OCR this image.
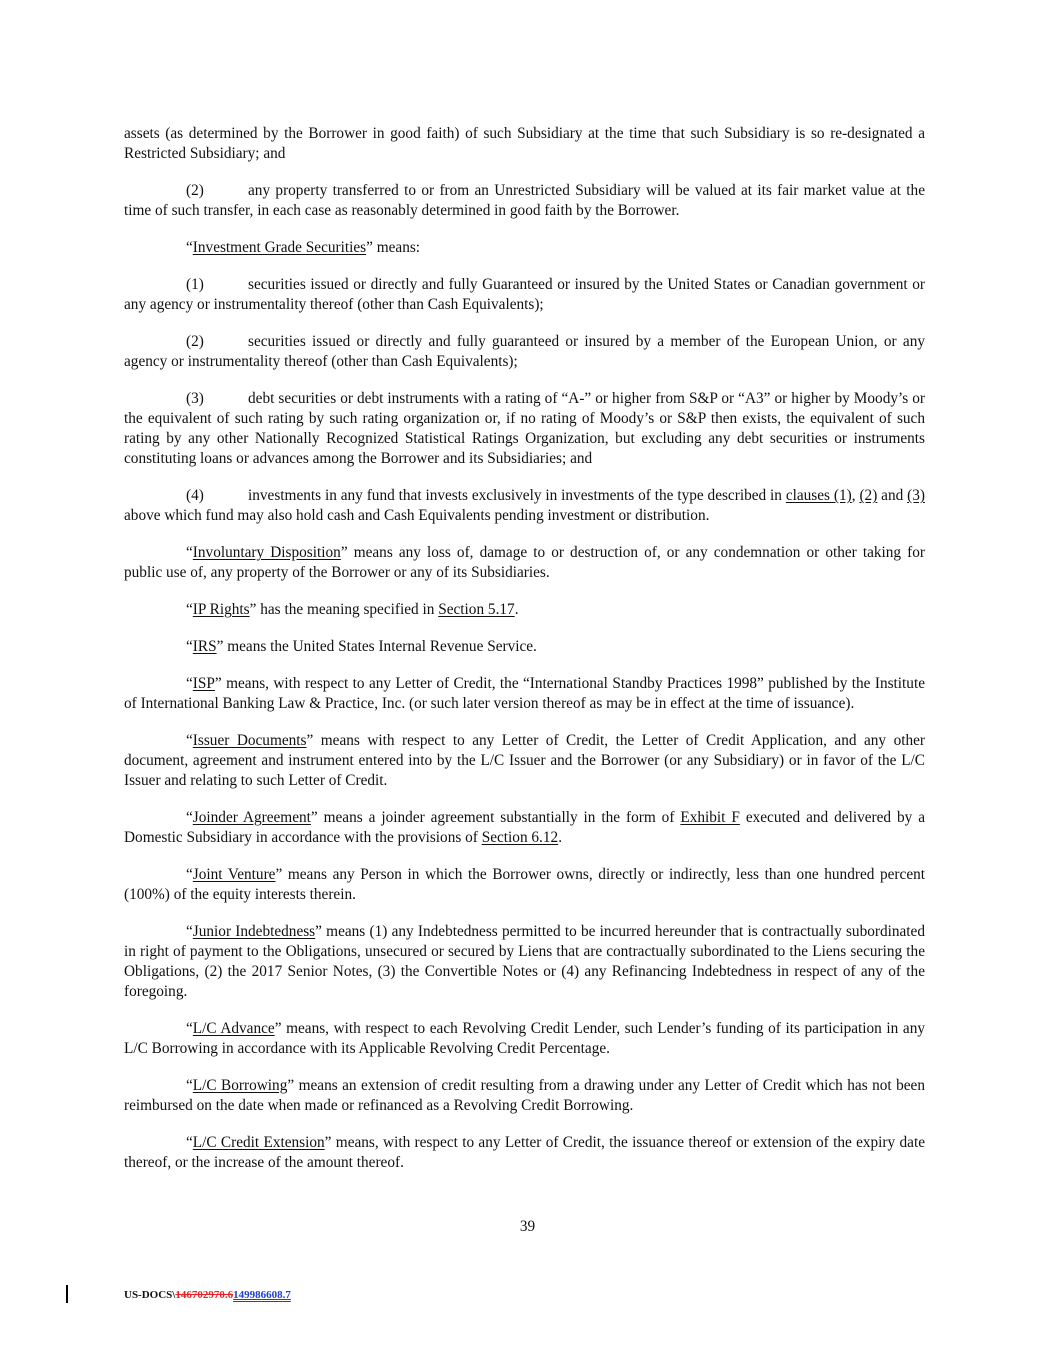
assets (as determined by the Borrower in good faith) of such Subsidiary at the time that such Subsidiary is so re-designated a Restricted Subsidiary; and

(2)	any property transferred to or from an Unrestricted Subsidiary will be valued at its fair market value at the time of such transfer, in each case as reasonably determined in good faith by the Borrower.

“Investment Grade Securities” means:

(1)	securities issued or directly and fully Guaranteed or insured by the United States or Canadian government or any agency or instrumentality thereof (other than Cash Equivalents);

(2)	securities issued or directly and fully guaranteed or insured by a member of the European Union, or any agency or instrumentality thereof (other than Cash Equivalents);

(3)	debt securities or debt instruments with a rating of “A-” or higher from S&P or “A3” or higher by Moody’s or the equivalent of such rating by such rating organization or, if no rating of Moody’s or S&P then exists, the equivalent of such rating by any other Nationally Recognized Statistical Ratings Organization, but excluding any debt securities or instruments constituting loans or advances among the Borrower and its Subsidiaries; and

(4)	investments in any fund that invests exclusively in investments of the type described in clauses (1), (2) and (3) above which fund may also hold cash and Cash Equivalents pending investment or distribution.

“Involuntary Disposition” means any loss of, damage to or destruction of, or any condemnation or other taking for public use of, any property of the Borrower or any of its Subsidiaries.

“IP Rights” has the meaning specified in Section 5.17.

“IRS” means the United States Internal Revenue Service.

“ISP” means, with respect to any Letter of Credit, the “International Standby Practices 1998” published by the Institute of International Banking Law & Practice, Inc. (or such later version thereof as may be in effect at the time of issuance).

“Issuer Documents” means with respect to any Letter of Credit, the Letter of Credit Application, and any other document, agreement and instrument entered into by the L/C Issuer and the Borrower (or any Subsidiary) or in favor of the L/C Issuer and relating to such Letter of Credit.

“Joinder Agreement” means a joinder agreement substantially in the form of Exhibit F executed and delivered by a Domestic Subsidiary in accordance with the provisions of Section 6.12.

“Joint Venture” means any Person in which the Borrower owns, directly or indirectly, less than one hundred percent (100%) of the equity interests therein.

“Junior Indebtedness” means (1) any Indebtedness permitted to be incurred hereunder that is contractually subordinated in right of payment to the Obligations, unsecured or secured by Liens that are contractually subordinated to the Liens securing the Obligations, (2) the 2017 Senior Notes, (3) the Convertible Notes or (4) any Refinancing Indebtedness in respect of any of the foregoing.

“L/C Advance” means, with respect to each Revolving Credit Lender, such Lender’s funding of its participation in any L/C Borrowing in accordance with its Applicable Revolving Credit Percentage.

“L/C Borrowing” means an extension of credit resulting from a drawing under any Letter of Credit which has not been reimbursed on the date when made or refinanced as a Revolving Credit Borrowing.

“L/C Credit Extension” means, with respect to any Letter of Credit, the issuance thereof or extension of the expiry date thereof, or the increase of the amount thereof.

39
US-DOCS\146702970.6149986608.7
